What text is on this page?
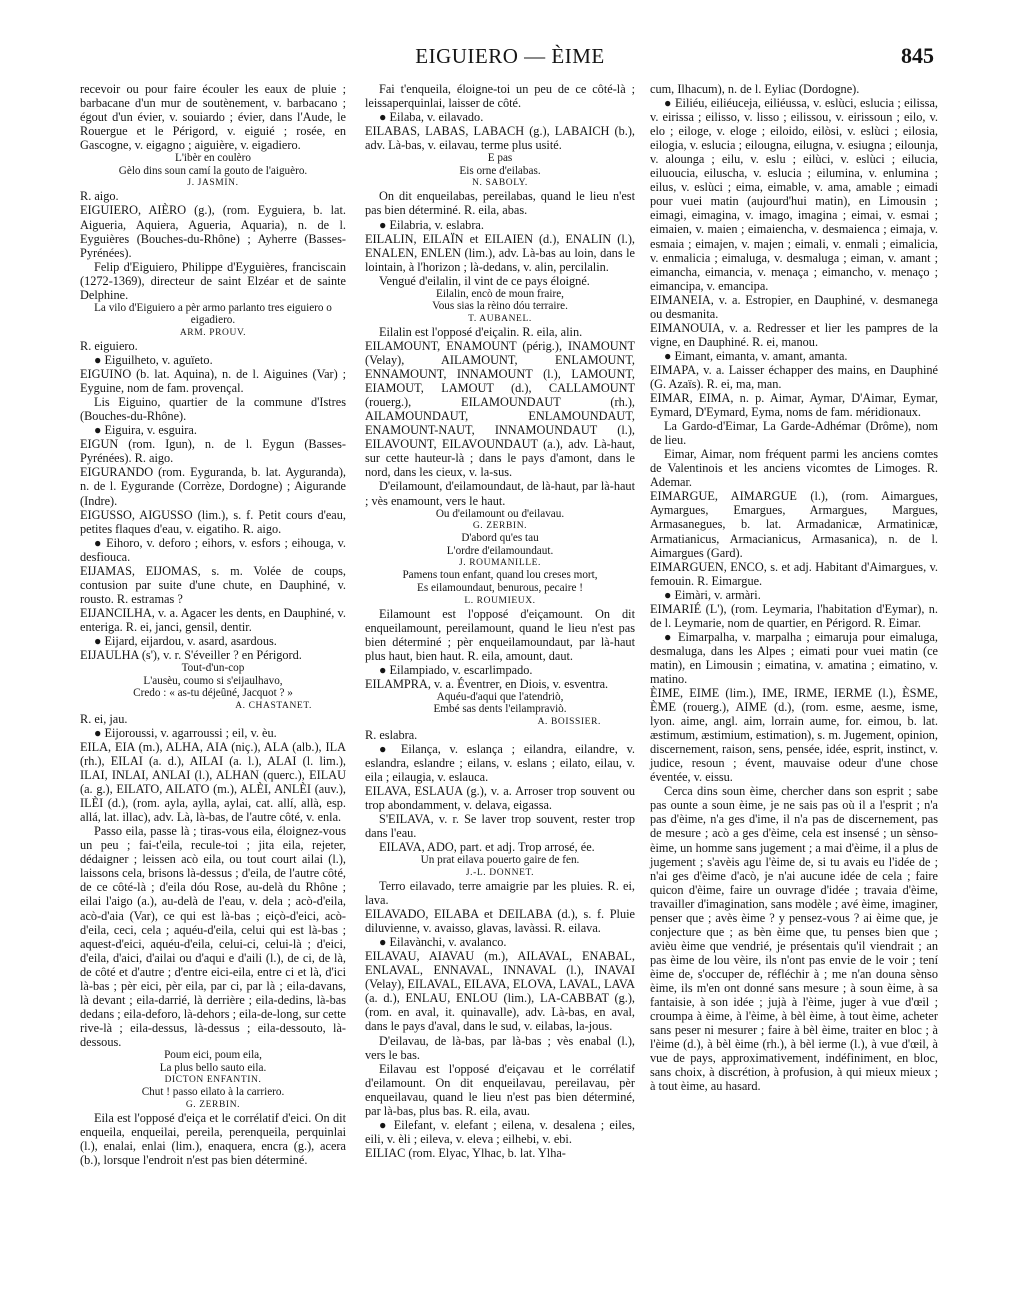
EIGUIERO — ÈIME	845

recevoir ou pour faire écouler les eaux de pluie ; barbacane d'un mur de soutènement, v. barbacano ; égout d'un évier, v. souiardo ; évier, dans l'Aude, le Rouergue et le Périgord, v. eiguié ; rosée, en Gascogne, v. eigagno ; aiguière, v. eigadiero.

L'ibèr en coulèro

Gèlo dins soun camí la gouto de l'aiguèro.

J. JASMIN.

R. aigo.

EIGUIERO, AIÈRO (g.), (rom. Eyguiera, b. lat. Aigueria, Aquiera, Agueria, Aquaria), n. de l. Eyguières (Bouches-du-Rhône) ; Ayherre (Basses-Pyrénées).

Felip d'Eiguiero, Philippe d'Eyguières, franciscain (1272-1369), directeur de saint Elzéar et de sainte Delphine.

La vilo d'Eiguiero a pèr armo parlanto tres eiguiero o eigadiero.

ARM. PROUV.

R. eiguiero.

● Eiguilheto, v. aguïeto.

EIGUINO (b. lat. Aquina), n. de l. Aiguines (Var) ; Eyguine, nom de fam. provençal.

Lis Eiguino, quartier de la commune d'Istres (Bouches-du-Rhône).

● Eiguira, v. esguira.

EIGUN (rom. Igun), n. de l. Eygun (Basses-Pyrénées). R. aigo.

EIGURANDO (rom. Eyguranda, b. lat. Ayguranda), n. de l. Eygurande (Corrèze, Dordogne) ; Aigurande (Indre).

EIGUSSO, AIGUSSO (lim.), s. f. Petit cours d'eau, petites flaques d'eau, v. eigatiho. R. aigo.

● Eihoro, v. deforo ; eihors, v. esfors ; eihouga, v. desfiouca.

EIJAMAS, EIJOMAS, s. m. Volée de coups, contusion par suite d'une chute, en Dauphiné, v. rousto. R. estramas ?

EIJANCILHA, v. a. Agacer les dents, en Dauphiné, v. enteriga. R. ei, janci, gensil, dentir.

● Eijard, eijardou, v. asard, asardous.

EIJAULHA (s'), v. r. S'éveiller ? en Périgord.

Tout-d'un-cop

L'ausèu, coumo si s'eijaulhavo,

Credo : « as-tu déjeûné, Jacquot ? »

A. CHASTANET.

R. ei, jau.

● Eijoroussi, v. agarroussi ; eil, v. èu.

EILA, EIA (m.), ALHA, AIA (niç.), ALA (alb.), ILA (rh.), EILAI (a. d.), AILAI (a. l.), ALAI (l. lim.), ILAI, INLAI, ANLAI (l.), ALHAN (querc.), EILAU (a. g.), EILATO, AILATO (m.), ALÈI, ANLÈI (auv.), ILÈI (d.), (rom. ayla, aylla, aylai, cat. allí, allà, esp. allá, lat. illac), adv. Là, là-bas, de l'autre côté, v. enla.

Passo eila, passe là ; tiras-vous eila, éloignez-vous un peu ; fai-t'eila, recule-toi ; jita eila, rejeter, dédaigner ; leissen acò eila, ou tout court ailai (l.), laissons cela, brisons là-dessus ; d'eila, de l'autre côté, de ce côté-là ; d'eila dóu Rose, au-delà du Rhône ; eilai l'aigo (a.), au-delà de l'eau, v. dela ; acò-d'eila, acò-d'aia (Var), ce qui est là-bas ; eiçò-d'eici, acò-d'eila, ceci, cela ; aquéu-d'eila, celui qui est là-bas ; aquest-d'eici, aquéu-d'eila, celui-ci, celui-là ; d'eici, d'eila, d'aici, d'ailai ou d'aqui e d'aili (l.), de ci, de là, de côté et d'autre ; d'entre eici-eila, entre ci et là, d'ici là-bas ; pèr eici, pèr eila, par ci, par là ; eila-davans, là devant ; eila-darrié, là derrière ; eila-dedins, là-bas dedans ; eila-deforo, là-dehors ; eila-de-long, sur cette rive-là ; eila-dessus, là-dessus ; eila-dessouto, là-dessous.

Poum eici, poum eila,

La plus bello sauto eila.

DICTON ENFANTIN.

Chut ! passo eilato à la carriero.

G. ZERBIN.

Eila est l'opposé d'eiça et le corrélatif d'eici. On dit enqueila, enqueilai, pereila, perenqueila, perquinlai (l.), enalai, enlai (lim.), enaquera, encra (g.), acera (b.), lorsque l'endroit n'est pas bien déterminé.

Fai t'enqueila, éloigne-toi un peu de ce côté-là ; leissaperquinlai, laisser de côté.

● Eilaba, v. eilavado.

EILABAS, LABAS, LABACH (g.), LABAICH (b.), adv. Là-bas, v. eilavau, terme plus usité.

E pas

Eis orne d'eilabas.

N. SABOLY.

On dit enqueilabas, pereilabas, quand le lieu n'est pas bien déterminé. R. eila, abas.

● Eilabria, v. eslabra.

EILALIN, EILAÏN et EILAIEN (d.), ENALIN (l.), ENALEN, ENLEN (lim.), adv. Là-bas au loin, dans le lointain, à l'horizon ; là-dedans, v. alin, percilalin.

Vengué d'eilalin, il vint de ce pays éloigné.

Eilalin, encò de moun fraire,

Vous sias la rèino dóu terraire.

T. AUBANEL.

Eilalin est l'opposé d'eiçalin. R. eila, alin.

EILAMOUNT, ENAMOUNT (périg.), INAMOUNT (Velay), AILAMOUNT, ENLAMOUNT, ENNAMOUNT, INNAMOUNT (l.), LAMOUNT, EIAMOUT, LAMOUT (d.), CALLAMOUNT (rouerg.), EILAMOUNDAUT (rh.), AILAMOUNDAUT, ENLAMOUNDAUT, ENAMOUNT-NAUT, INNAMOUNDAUT (l.), EILAVOUNT, EILAVOUNDAUT (a.), adv. Là-haut, sur cette hauteur-là ; dans le pays d'amont, dans le nord, dans les cieux, v. la-sus.

D'eilamount, d'eilamoundaut, de là-haut, par là-haut ; vès enamount, vers le haut.

Ou d'eilamount ou d'eilavau.

G. ZERBIN.

D'abord qu'es tau

L'ordre d'eilamoundaut.

J. ROUMANILLE.

Pamens toun enfant, quand lou creses mort,

Es eilamoundaut, benurous, pecaire !

L. ROUMIEUX.

Eilamount est l'opposé d'eiçamount. On dit enqueilamount, pereilamount, quand le lieu n'est pas bien déterminé ; pèr enqueilamoundaut, par là-haut plus haut, bien haut. R. eila, amount, daut.

● Eilampiado, v. escarlimpado.

EILAMPRA, v. a. Éventrer, en Diois, v. esventra.

Aquéu-d'aqui que l'atendriò,

Embé sas dents l'eilampraviò.

A. BOISSIER.

R. eslabra.

● Eilança, v. eslança ; eilandra, eilandre, v. eslandra, eslandre ; eilans, v. eslans ; eilato, eilau, v. eila ; eilaugia, v. eslauca.

EILAVA, ESLAUA (g.), v. a. Arroser trop souvent ou trop abondamment, v. delava, eigassa.

S'EILAVA, v. r. Se laver trop souvent, rester trop dans l'eau.

EILAVA, ADO, part. et adj. Trop arrosé, ée.

Un prat eilava pouerto gaire de fen.

J.-L. DONNET.

Terro eilavado, terre amaigrie par les pluies. R. ei, lava.

EILAVADO, EILABA et DEILABA (d.), s. f. Pluie diluvienne, v. avaisso, glavas, lavàssi. R. eilava.

● Eilavànchi, v. avalanco.

EILAVAU, AIAVAU (m.), AILAVAL, ENABAL, ENLAVAL, ENNAVAL, INNAVAL (l.), INAVAI (Velay), EILAVAL, EILAVA, ELOVA, LAVAL, LAVA (a. d.), ENLAU, ENLOU (lim.), LA-CABBAT (g.), (rom. en aval, it. quinavalle), adv. Là-bas, en aval, dans le pays d'aval, dans le sud, v. eilabas, la-jous.

D'eilavau, de là-bas, par là-bas ; vès enabal (l.), vers le bas.

Eilavau est l'opposé d'eiçavau et le corrélatif d'eilamount. On dit enqueilavau, pereilavau, pèr enqueilavau, quand le lieu n'est pas bien déterminé, par là-bas, plus bas. R. eila, avau.

● Eilefant, v. elefant ; eilena, v. desalena ; eiles, eili, v. èli ; eileva, v. eleva ; eilhebi, v. ebi.

EILIAC (rom. Elyac, Ylhac, b. lat. Ylha-

cum, Ilhacum), n. de l. Eyliac (Dordogne).

● Eiliéu, eiliéuceja, eiliéussa, v. eslùci, eslucia ; eilissa, v. eirissa ; eilisso, v. lisso ; eilissou, v. eirissoun ; eilo, v. elo ; eiloge, v. eloge ; eiloido, eilòsi, v. eslùci ; eilosia, eilogia, v. eslucia ; eilougna, eilugna, v. esiugna ; eilounja, v. alounga ; eilu, v. eslu ; eilùci, v. eslùci ; eilucia, eiluoucia, eiluscha, v. eslucia ; eilumina, v. enlumina ; eilus, v. eslùci ; eima, eimable, v. ama, amable ; eimadi pour vuei matin (aujourd'hui matin), en Limousin ; eimagi, eimagina, v. imago, imagina ; eimai, v. esmai ; eimaien, v. maien ; eimaiencha, v. desmaienca ; eimaja, v. esmaia ; eimajen, v. majen ; eimali, v. enmali ; eimalicia, v. enmalicia ; eimaluga, v. desmaluga ; eiman, v. amant ; eimancha, eimancia, v. menaça ; eimancho, v. menaço ; eimancipa, v. emancipa.

EIMANEIA, v. a. Estropier, en Dauphiné, v. desmanega ou desmanita.

EIMANOUIA, v. a. Redresser et lier les pampres de la vigne, en Dauphiné. R. ei, manou.

● Eimant, eimanta, v. amant, amanta.

EIMAPA, v. a. Laisser échapper des mains, en Dauphiné (G. Azaïs). R. ei, ma, man.

EIMAR, EIMA, n. p. Aimar, Aymar, D'Aimar, Eymar, Eymard, D'Eymard, Eyma, noms de fam. méridionaux.

La Gardo-d'Eimar, La Garde-Adhémar (Drôme), nom de lieu.

Eimar, Aimar, nom fréquent parmi les anciens comtes de Valentinois et les anciens vicomtes de Limoges. R. Ademar.

EIMARGUE, AIMARGUE (l.), (rom. Aimargues, Aymargues, Emargues, Armargues, Margues, Armasanegues, b. lat. Armadanicæ, Armatinicæ, Armatianicus, Armacianicus, Armasanica), n. de l. Aimargues (Gard).

EIMARGUEN, ENCO, s. et adj. Habitant d'Aimargues, v. femouin. R. Eimargue.

● Eimàri, v. armàri.

EIMARIÉ (L'), (rom. Leymaria, l'habitation d'Eymar), n. de l. Leymarie, nom de quartier, en Périgord. R. Eimar.

● Eimarpalha, v. marpalha ; eimaruja pour eimaluga, desmaluga, dans les Alpes ; eimati pour vuei matin (ce matin), en Limousin ; eimatina, v. amatina ; eimatino, v. matino.

ÈIME, EIME (lim.), IME, IRME, IERME (l.), ÈSME, ÈME (rouerg.), AIME (d.), (rom. esme, aesme, isme, lyon. aime, angl. aim, lorrain aume, for. eimou, b. lat. æstimum, æstimium, estimation), s. m. Jugement, opinion, discernement, raison, sens, pensée, idée, esprit, instinct, v. judice, resoun ; évent, mauvaise odeur d'une chose éventée, v. eissu.

Cerca dins soun èime, chercher dans son esprit ; sabe pas ounte a soun èime, je ne sais pas où il a l'esprit ; n'a pas d'èime, n'a ges d'ime, il n'a pas de discernement, pas de mesure ; acò a ges d'èime, cela est insensé ; un sènso-èime, un homme sans jugement ; a mai d'èime, il a plus de jugement ; s'avèis agu l'èime de, si tu avais eu l'idée de ; n'ai ges d'èime d'acò, je n'ai aucune idée de cela ; faire quicon d'èime, faire un ouvrage d'idée ; travaia d'èime, travailler d'imagination, sans modèle ; avé èime, imaginer, penser que ; avès èime ? y pensez-vous ? ai èime que, je conjecture que ; as bèn èime que, tu penses bien que ; avièu èime que vendrié, je présentais qu'il viendrait ; an pas èime de lou vèire, ils n'ont pas envie de le voir ; tení èime de, s'occuper de, réfléchir à ; me n'an douna sènso èime, ils m'en ont donné sans mesure ; à soun èime, à sa fantaisie, à son idée ; jujà à l'èime, juger à vue d'œil ; croumpa à èime, à l'èime, à bèl èime, à tout èime, acheter sans peser ni mesurer ; faire à bèl èime, traiter en bloc ; à l'èime (d.), à bèl èime (rh.), à bèl ierme (l.), à vue d'œil, à vue de pays, approximativement, indéfiniment, en bloc, sans choix, à discrétion, à profusion, à qui mieux mieux ; à tout èime, au hasard.
